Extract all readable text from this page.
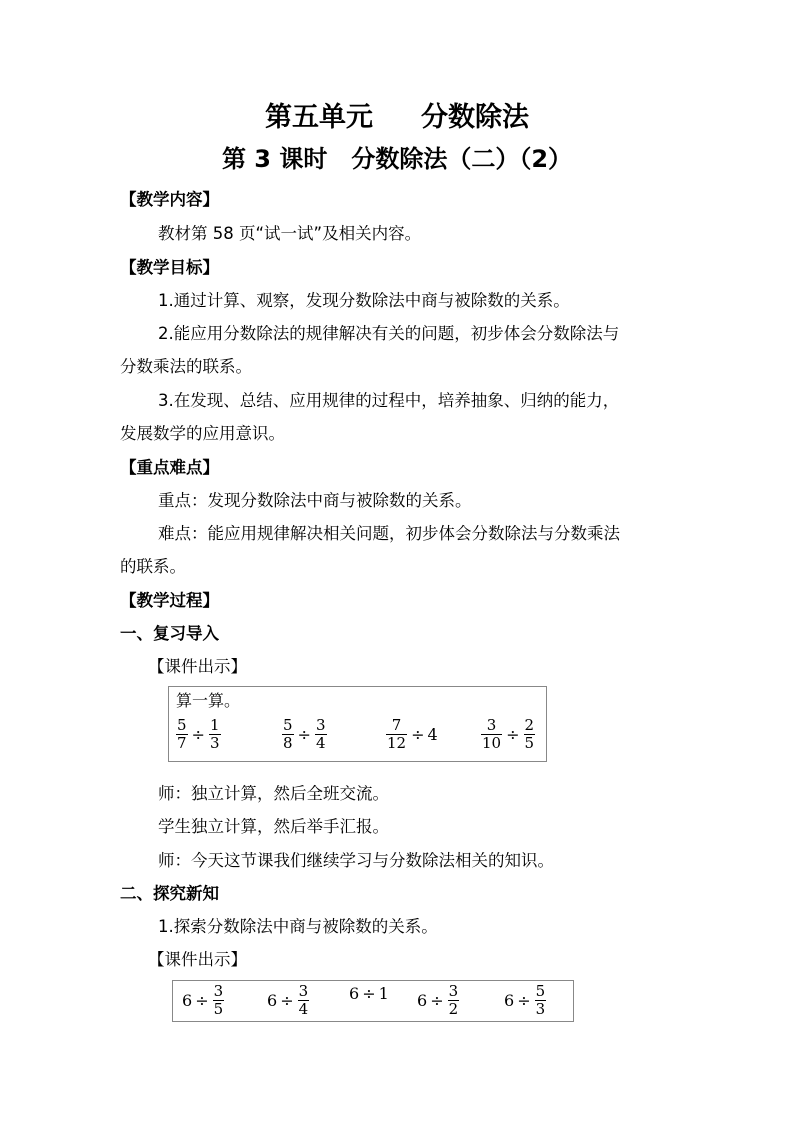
第五单元 分数除法
第 3 课时　分数除法（二）（2）
【教学内容】
教材第 58 页“试一试”及相关内容。
【教学目标】
1.通过计算、观察，发现分数除法中商与被除数的关系。
2.能应用分数除法的规律解决有关的问题，初步体会分数除法与
分数乘法的联系。
3.在发现、总结、应用规律的过程中，培养抽象、归纳的能力，
发展数学的应用意识。
【重点难点】
重点：发现分数除法中商与被除数的关系。
难点：能应用规律解决相关问题，初步体会分数除法与分数乘法
的联系。
【教学过程】
一、复习导入
【课件出示】
算一算。
$\frac{5}{7} \div \frac{1}{3}$	$\frac{5}{8} \div \frac{3}{4}$	$\frac{7}{12} \div 4$	$\frac{3}{10} \div \frac{2}{5}$
师：独立计算，然后全班交流。
学生独立计算，然后举手汇报。
师：今天这节课我们继续学习与分数除法相关的知识。
二、探究新知
1.探索分数除法中商与被除数的关系。
【课件出示】
$6 \div \frac{3}{5}$	$6 \div \frac{3}{4} 6 \div 1$ $6 \div \frac{3}{2}$	$6 \div \frac{5}{3}$
